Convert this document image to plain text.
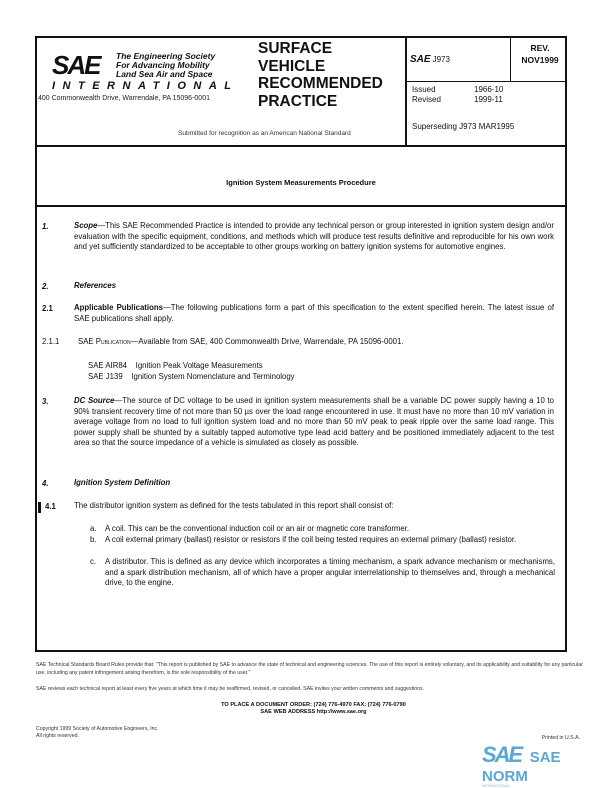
SAE The Engineering Society
For Advancing Mobility
Land Sea Air and Space
INTERNATIONAL
400 Commonwealth Drive, Warrendale, PA 15096-0001
SURFACE
VEHICLE
RECOMMENDED
PRACTICE
Submitted for recognition as an American National Standard
SAE J973
REV.
NOV1999
Issued	1966-10
Revised	1999-11
Superseding J973 MAR1995
Ignition System Measurements Procedure
1.	Scope—This SAE Recommended Practice is intended to provide any technical person or group interested in ignition system design and/or evaluation with the specific equipment, conditions, and methods which will produce test results definitive and reproducible for his own work and yet sufficiently standardized to be acceptable to other groups working on battery ignition systems for automotive engines.
2.	References
2.1	Applicable Publications—The following publications form a part of this specification to the extent specified herein. The latest issue of SAE publications shall apply.
2.1.1 SAE Publication—Available from SAE, 400 Commonwealth Drive, Warrendale, PA 15096-0001.
SAE AIR84    Ignition Peak Voltage Measurements
SAE J139    Ignition System Nomenclature and Terminology
3.	DC Source—The source of DC voltage to be used in ignition system measurements shall be a variable DC power supply having a 10 to 90% transient recovery time of not more than 50 µs over the load range encountered in use. It must have no more than 10 mV variation in average voltage from no load to full ignition system load and no more than 50 mV peak to peak ripple over the same load range. This power supply shall be shunted by a suitably tapped automotive type lead acid battery and be positioned immediately adjacent to the test area so that the source impedance of a vehicle is simulated as closely as possible.
4.	Ignition System Definition
4.1 The distributor ignition system as defined for the tests tabulated in this report shall consist of:
a.	A coil. This can be the conventional induction coil or an air or magnetic core transformer.
b.	A coil external primary (ballast) resistor or resistors if the coil being tested requires an external primary (ballast) resistor.
c.	A distributor. This is defined as any device which incorporates a timing mechanism, a spark advance mechanism or mechanisms, and a spark distribution mechanism, all of which have a proper angular interrelationship to themselves and, through a mechanical drive, to the engine.
SAE Technical Standards Board Rules provide that: "This report is published by SAE to advance the state of technical and engineering sciences. The use of this report is entirely voluntary, and its applicability and suitability for any particular use, including any patent infringement arising therefrom, is the sole responsibility of the user."
SAE reviews each technical report at least every five years at which time it may be reaffirmed, revised, or cancelled. SAE invites your written comments and suggestions.
TO PLACE A DOCUMENT ORDER: (724) 776-4970 FAX: (724) 776-0790
SAE WEB ADDRESS http://www.sae.org
Copyright 1999 Society of Automotive Engineers, Inc.
All rights reserved.	Printed in U.S.A.
SAE SAE NORM
INTERNATIONAL
